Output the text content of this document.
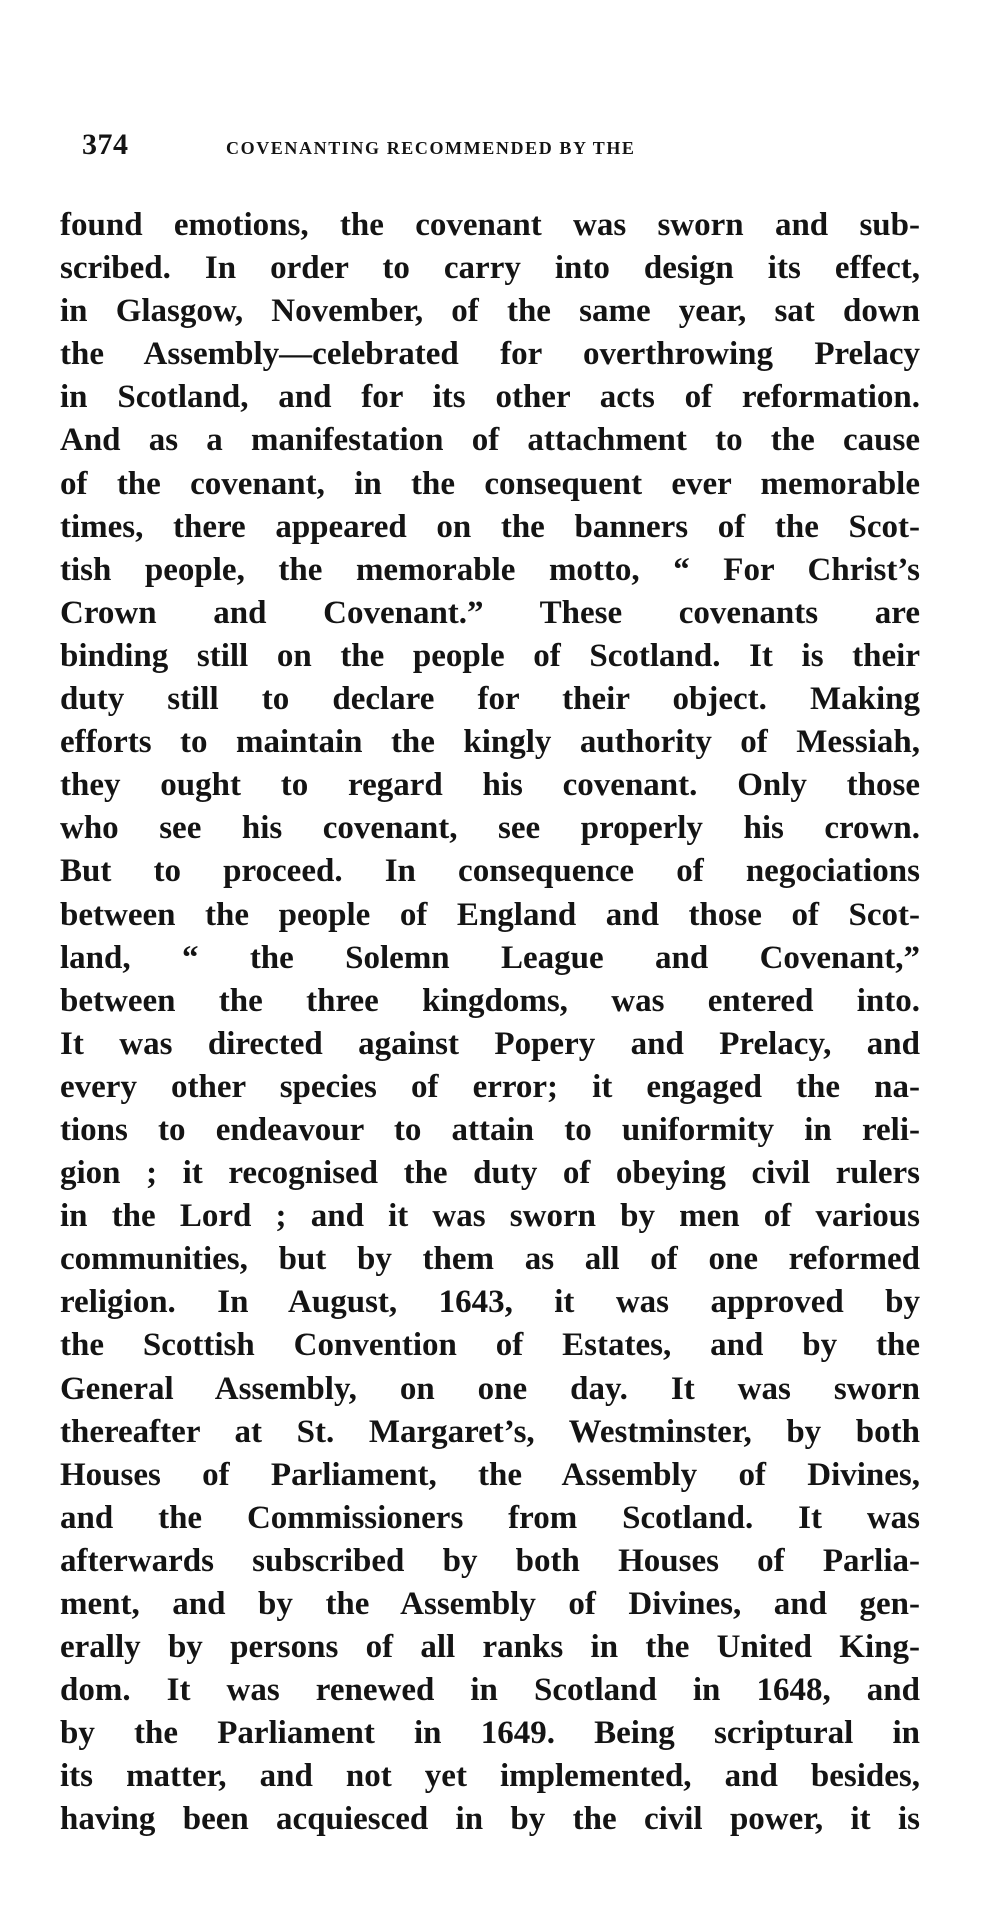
374	COVENANTING RECOMMENDED BY THE
found emotions, the covenant was sworn and sub-
scribed. In order to carry into design its effect,
in Glasgow, November, of the same year, sat down
the Assembly—celebrated for overthrowing Prelacy
in Scotland, and for its other acts of reformation.
And as a manifestation of attachment to the cause
of the covenant, in the consequent ever memorable
times, there appeared on the banners of the Scot-
tish people, the memorable motto, “ For Christ’s
Crown and Covenant.” These covenants are
binding still on the people of Scotland. It is their
duty still to declare for their object. Making
efforts to maintain the kingly authority of Messiah,
they ought to regard his covenant. Only those
who see his covenant, see properly his crown.
But to proceed. In consequence of negociations
between the people of England and those of Scot-
land, “ the Solemn League and Covenant,”
between the three kingdoms, was entered into.
It was directed against Popery and Prelacy, and
every other species of error; it engaged the na-
tions to endeavour to attain to uniformity in reli-
gion ; it recognised the duty of obeying civil rulers
in the Lord ; and it was sworn by men of various
communities, but by them as all of one reformed
religion. In August, 1643, it was approved by
the Scottish Convention of Estates, and by the
General Assembly, on one day. It was sworn
thereafter at St. Margaret’s, Westminster, by both
Houses of Parliament, the Assembly of Divines,
and the Commissioners from Scotland. It was
afterwards subscribed by both Houses of Parlia-
ment, and by the Assembly of Divines, and gen-
erally by persons of all ranks in the United King-
dom. It was renewed in Scotland in 1648, and
by the Parliament in 1649. Being scriptural in
its matter, and not yet implemented, and besides,
having been acquiesced in by the civil power, it is
